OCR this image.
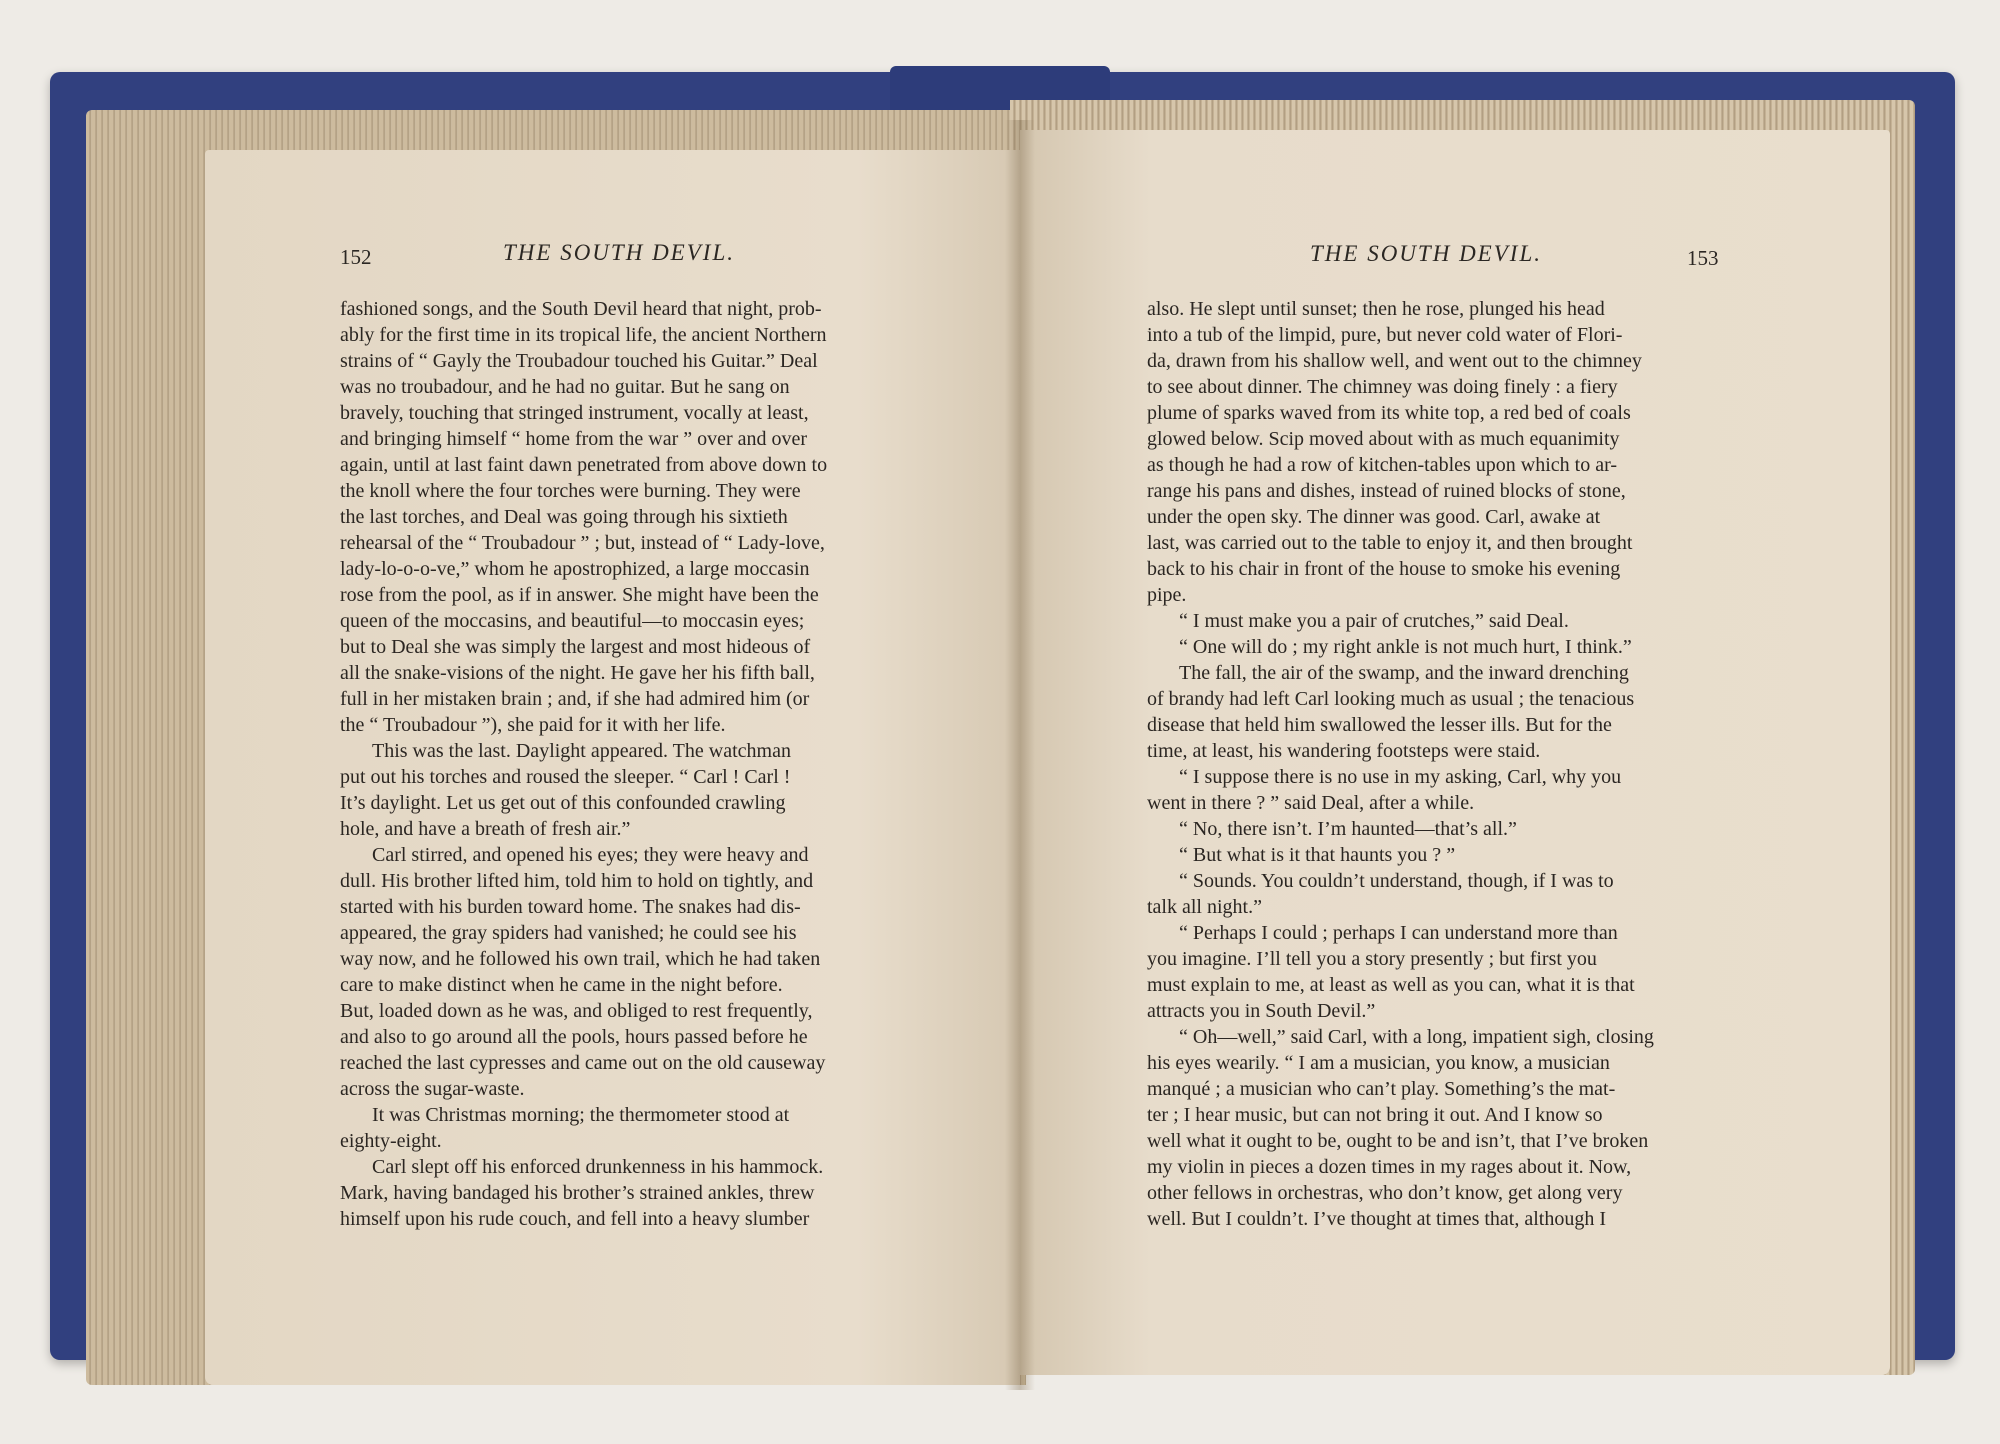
152	THE SOUTH DEVIL.
fashioned songs, and the South Devil heard that night, prob-
ably for the first time in its tropical life, the ancient Northern
strains of “ Gayly the Troubadour touched his Guitar.” Deal
was no troubadour, and he had no guitar. But he sang on
bravely, touching that stringed instrument, vocally at least,
and bringing himself “ home from the war ” over and over
again, until at last faint dawn penetrated from above down to
the knoll where the four torches were burning. They were
the last torches, and Deal was going through his sixtieth
rehearsal of the “ Troubadour ” ; but, instead of “ Lady-love,
lady-lo-o-o-ve,” whom he apostrophized, a large moccasin
rose from the pool, as if in answer. She might have been the
queen of the moccasins, and beautiful—to moccasin eyes;
but to Deal she was simply the largest and most hideous of
all the snake-visions of the night. He gave her his fifth ball,
full in her mistaken brain ; and, if she had admired him (or
the “ Troubadour ”), she paid for it with her life.
This was the last. Daylight appeared. The watchman
put out his torches and roused the sleeper. “ Carl ! Carl !
It’s daylight. Let us get out of this confounded crawling
hole, and have a breath of fresh air.”
Carl stirred, and opened his eyes; they were heavy and
dull. His brother lifted him, told him to hold on tightly, and
started with his burden toward home. The snakes had dis-
appeared, the gray spiders had vanished; he could see his
way now, and he followed his own trail, which he had taken
care to make distinct when he came in the night before.
But, loaded down as he was, and obliged to rest frequently,
and also to go around all the pools, hours passed before he
reached the last cypresses and came out on the old causeway
across the sugar-waste.
It was Christmas morning; the thermometer stood at
eighty-eight.
Carl slept off his enforced drunkenness in his hammock.
Mark, having bandaged his brother’s strained ankles, threw
himself upon his rude couch, and fell into a heavy slumber
THE SOUTH DEVIL.	153
also. He slept until sunset; then he rose, plunged his head
into a tub of the limpid, pure, but never cold water of Flori-
da, drawn from his shallow well, and went out to the chimney
to see about dinner. The chimney was doing finely : a fiery
plume of sparks waved from its white top, a red bed of coals
glowed below. Scip moved about with as much equanimity
as though he had a row of kitchen-tables upon which to ar-
range his pans and dishes, instead of ruined blocks of stone,
under the open sky. The dinner was good. Carl, awake at
last, was carried out to the table to enjoy it, and then brought
back to his chair in front of the house to smoke his evening
pipe.
“ I must make you a pair of crutches,” said Deal.
“ One will do ; my right ankle is not much hurt, I think.”
The fall, the air of the swamp, and the inward drenching
of brandy had left Carl looking much as usual ; the tenacious
disease that held him swallowed the lesser ills. But for the
time, at least, his wandering footsteps were staid.
“ I suppose there is no use in my asking, Carl, why you
went in there ? ” said Deal, after a while.
“ No, there isn’t. I’m haunted—that’s all.”
“ But what is it that haunts you ? ”
“ Sounds. You couldn’t understand, though, if I was to
talk all night.”
“ Perhaps I could ; perhaps I can understand more than
you imagine. I’ll tell you a story presently ; but first you
must explain to me, at least as well as you can, what it is that
attracts you in South Devil.”
“ Oh—well,” said Carl, with a long, impatient sigh, closing
his eyes wearily. “ I am a musician, you know, a musician
manqué ; a musician who can’t play. Something’s the mat-
ter ; I hear music, but can not bring it out. And I know so
well what it ought to be, ought to be and isn’t, that I’ve broken
my violin in pieces a dozen times in my rages about it. Now,
other fellows in orchestras, who don’t know, get along very
well. But I couldn’t. I’ve thought at times that, although I
